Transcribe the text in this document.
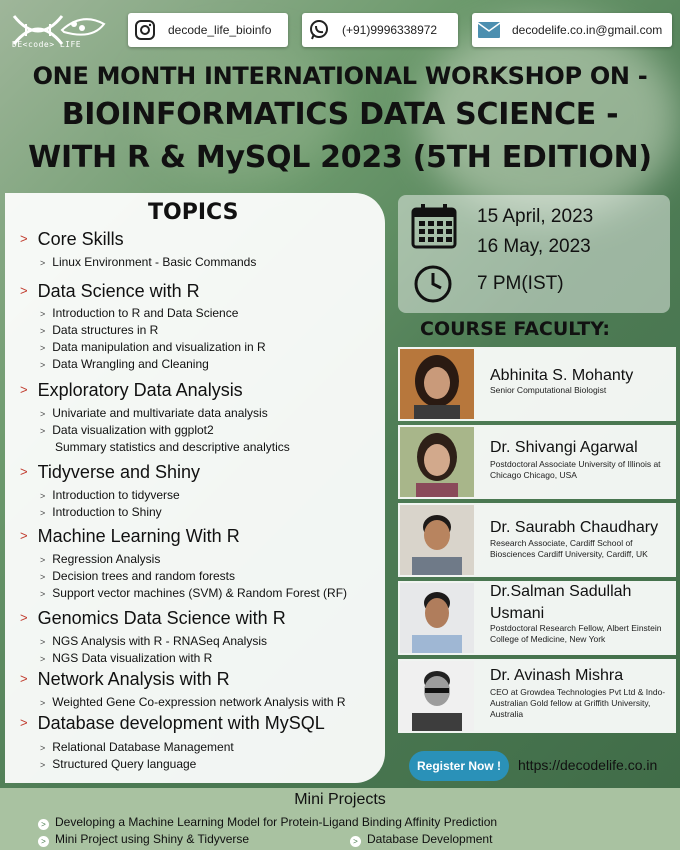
DE<code> LIFE
decode_life_bioinfo	(+91)9996338972	decodelife.co.in@gmail.com
ONE MONTH INTERNATIONAL WORKSHOP ON -
BIOINFORMATICS DATA SCIENCE -
WITH R & MySQL 2023 (5TH EDITION)
TOPICS
> Core Skills
> Linux Environment - Basic Commands
> Data Science with R
> Introduction to R and Data Science
> Data structures in R
> Data manipulation and visualization in R
> Data Wrangling and Cleaning
> Exploratory Data Analysis
> Univariate and multivariate data analysis
> Data visualization with ggplot2
Summary statistics and descriptive analytics
> Tidyverse and Shiny
> Introduction to tidyverse
> Introduction to Shiny
> Machine Learning With R
> Regression Analysis
> Decision trees and random forests
> Support vector machines (SVM) & Random Forest (RF)
> Genomics Data Science with R
> NGS Analysis with R - RNASeq Analysis
> NGS Data visualization with R
> Network Analysis with R
> Weighted Gene Co-expression network Analysis with R
> Database development with MySQL
> Relational Database Management
> Structured Query language
15 April, 2023
16 May, 2023
7 PM(IST)
COURSE FACULTY:
Abhinita S. Mohanty
Senior Computational Biologist
Dr. Shivangi Agarwal
Postdoctoral Associate University of Illinois at Chicago Chicago, USA
Dr. Saurabh Chaudhary
Research Associate, Cardiff School of Biosciences Cardiff University, Cardiff, UK
Dr.Salman Sadullah Usmani
Postdoctoral Research Fellow, Albert Einstein College of Medicine, New York
Dr. Avinash Mishra
CEO at Growdea Technologies Pvt Ltd & Indo-Australian Gold fellow at Griffith University, Australia
Register Now !	https://decodelife.co.in
Mini Projects
> Developing a Machine Learning Model for Protein-Ligand Binding Affinity Prediction
> Mini Project using Shiny & Tidyverse	> Database Development
